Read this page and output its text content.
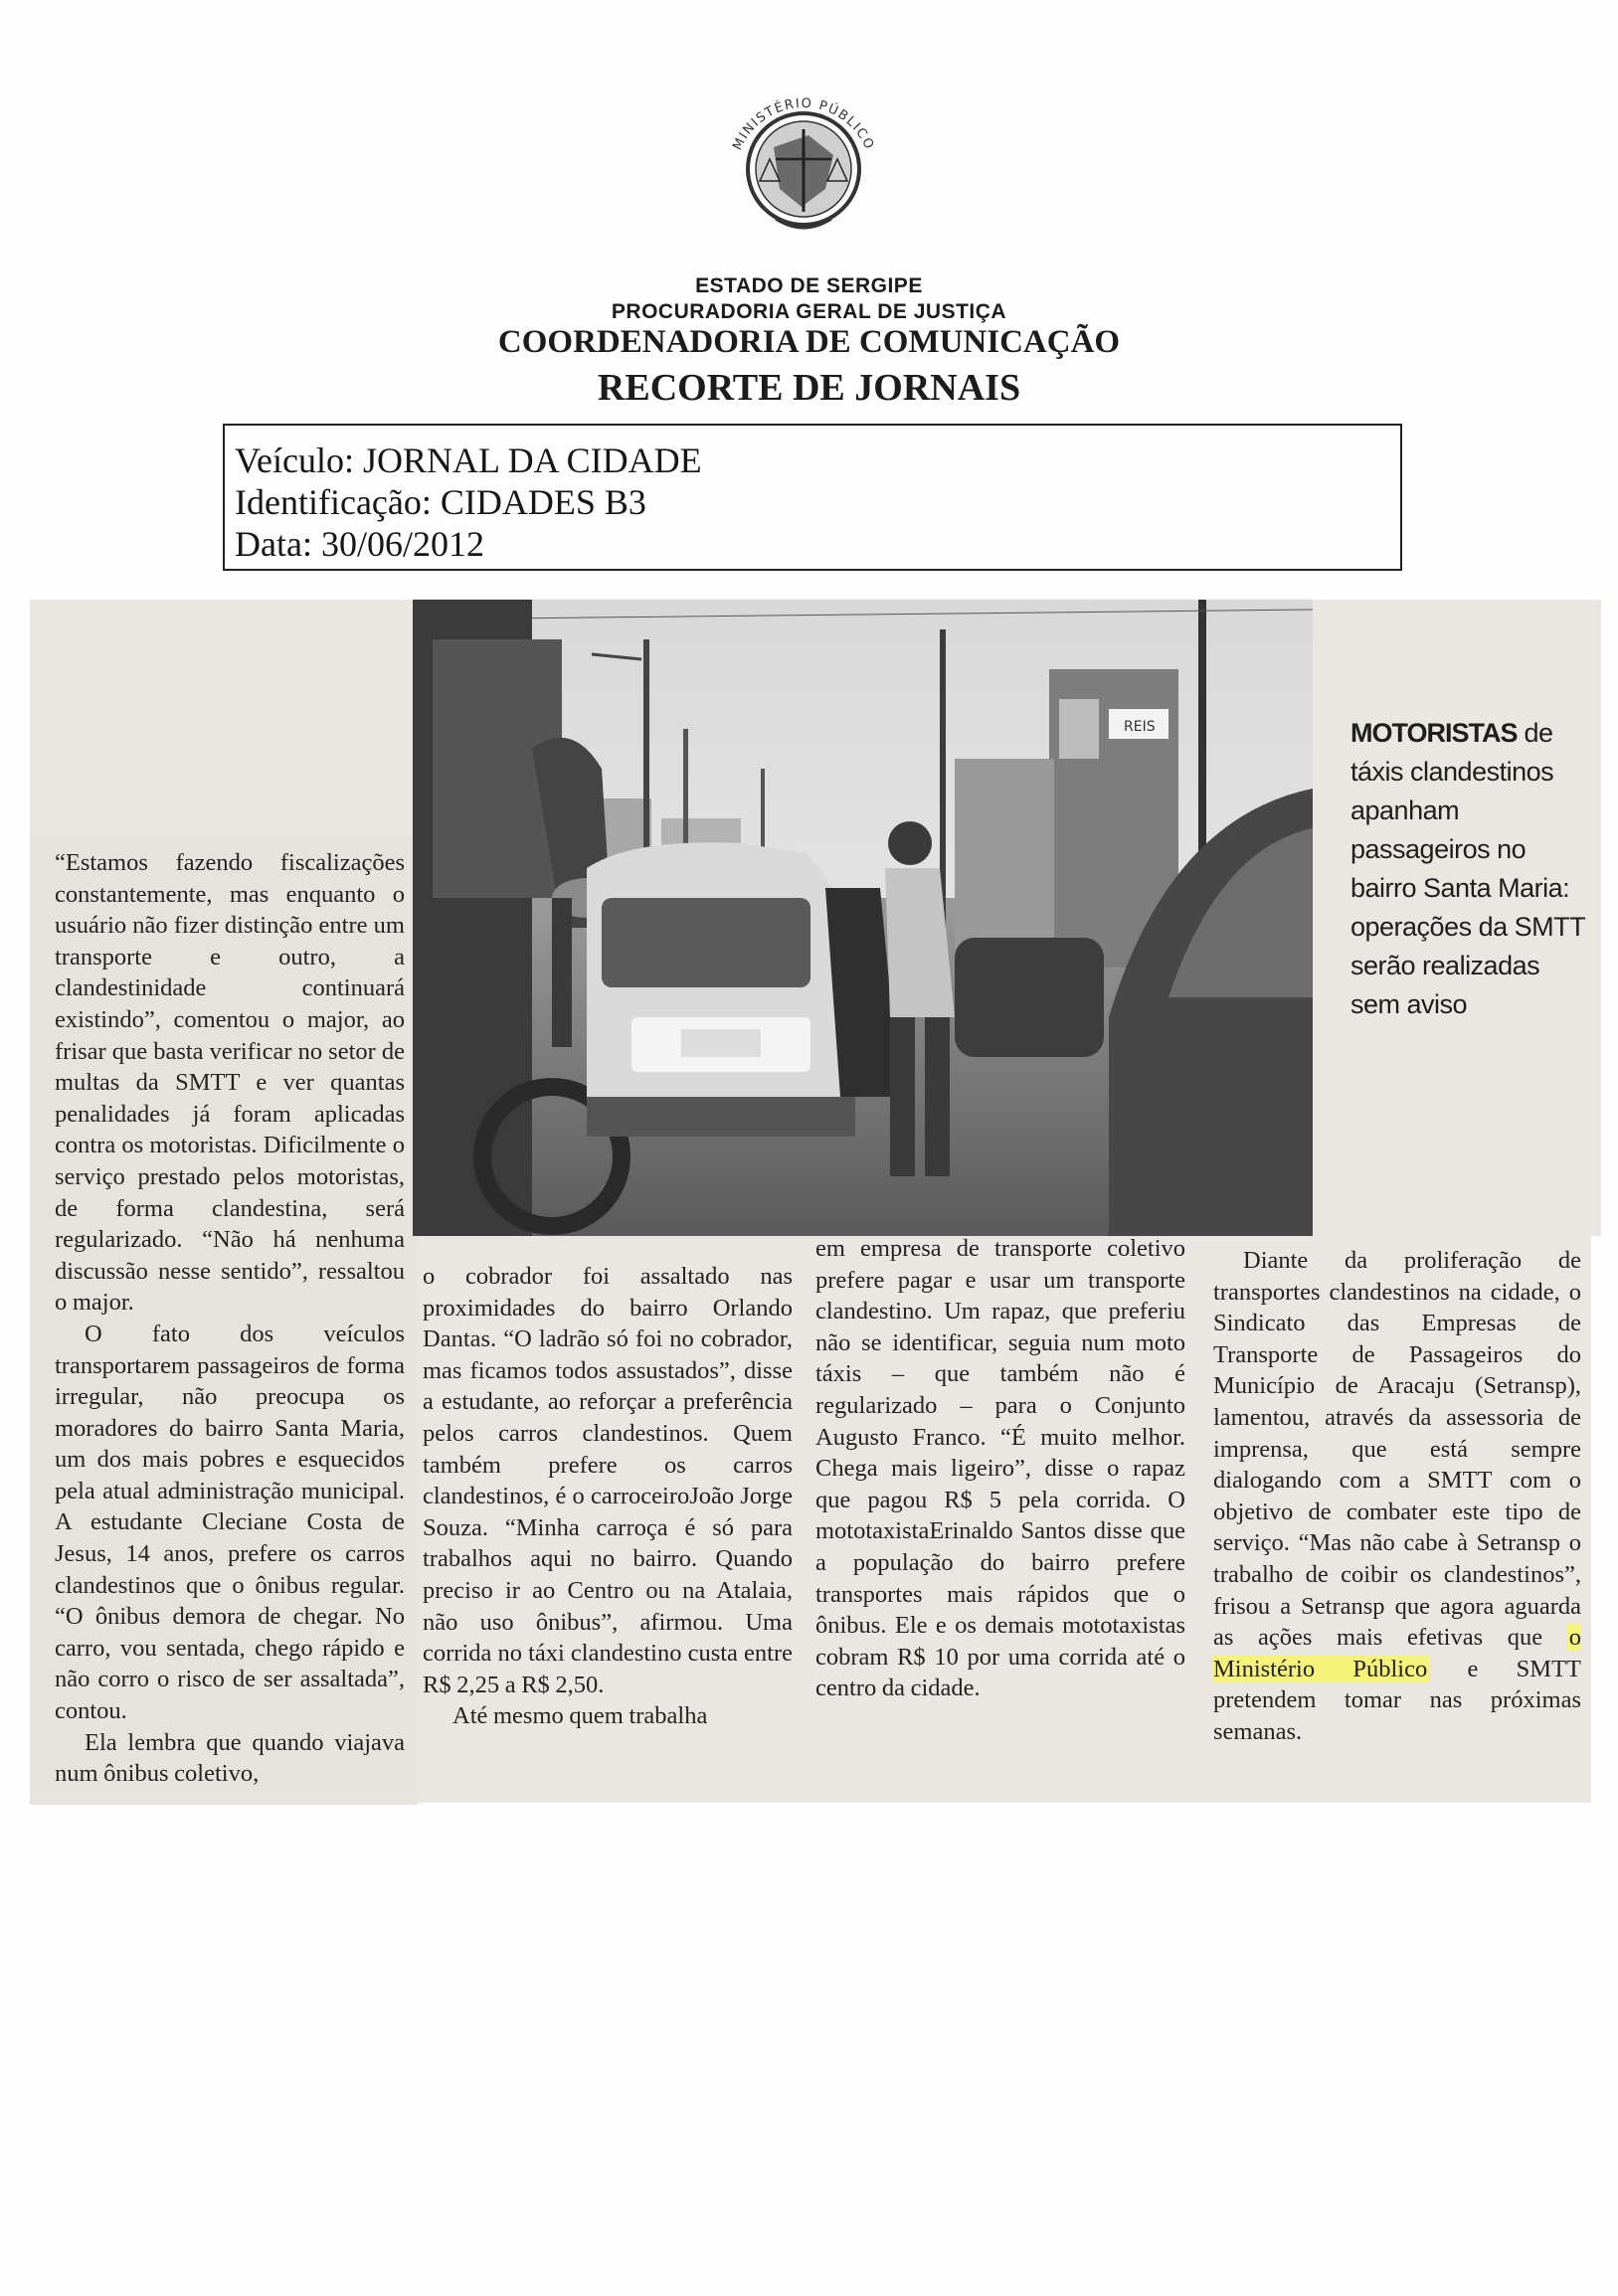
MINISTÉRIO PÚBLICO
ESTADO DE SERGIPE
PROCURADORIA GERAL DE JUSTIÇA
COORDENADORIA DE COMUNICAÇÃO
RECORTE DE JORNAIS
Veículo: JORNAL DA CIDADE
Identificação: CIDADES B3
Data: 30/06/2012
REIS	MOTORISTAS de táxis clandestinos apanham passageiros no bairro Santa Maria: operações da SMTT serão realizadas sem aviso

“Estamos fazendo fiscalizações constantemente, mas enquanto o usuário não fizer distinção entre um transporte e outro, a clandestinidade continuará existindo”, comentou o major, ao frisar que basta verificar no setor de multas da SMTT e ver quantas penalidades já foram aplicadas contra os motoristas. Dificilmente o serviço prestado pelos motoristas, de forma clandestina, será regularizado. “Não há nenhuma discussão nesse sentido”, ressaltou o major.

O fato dos veículos transportarem passageiros de forma irregular, não preocupa os moradores do bairro Santa Maria, um dos mais pobres e esquecidos pela atual administração municipal. A estudante Cleciane Costa de Jesus, 14 anos, prefere os carros clandestinos que o ônibus regular. “O ônibus demora de chegar. No carro, vou sentada, chego rápido e não corro o risco de ser assaltada”, contou.

Ela lembra que quando viajava num ônibus coletivo,

o cobrador foi assaltado nas proximidades do bairro Orlando Dantas. “O ladrão só foi no cobrador, mas ficamos todos assustados”, disse a estudante, ao reforçar a preferência pelos carros clandestinos. Quem também prefere os carros clandestinos, é o carroceiroJoão Jorge Souza. “Minha carroça é só para trabalhos aqui no bairro. Quando preciso ir ao Centro ou na Atalaia, não uso ônibus”, afirmou. Uma corrida no táxi clandestino custa entre R$ 2,25 a R$ 2,50.

Até mesmo quem trabalha

em empresa de transporte coletivo prefere pagar e usar um transporte clandestino. Um rapaz, que preferiu não se identificar, seguia num moto táxis – que também não é regularizado – para o Conjunto Augusto Franco. “É muito melhor. Chega mais ligeiro”, disse o rapaz que pagou R$ 5 pela corrida. O mototaxistaErinaldo Santos disse que a população do bairro prefere transportes mais rápidos que o ônibus. Ele e os demais mototaxistas cobram R$ 10 por uma corrida até o centro da cidade.

Diante da proliferação de transportes clandestinos na cidade, o Sindicato das Empresas de Transporte de Passageiros do Município de Aracaju (Setransp), lamentou, através da assessoria de imprensa, que está sempre dialogando com a SMTT com o objetivo de combater este tipo de serviço. “Mas não cabe à Setransp o trabalho de coibir os clandestinos”, frisou a Setransp que agora aguarda as ações mais efetivas que o Ministério Público e SMTT pretendem tomar nas próximas semanas.
